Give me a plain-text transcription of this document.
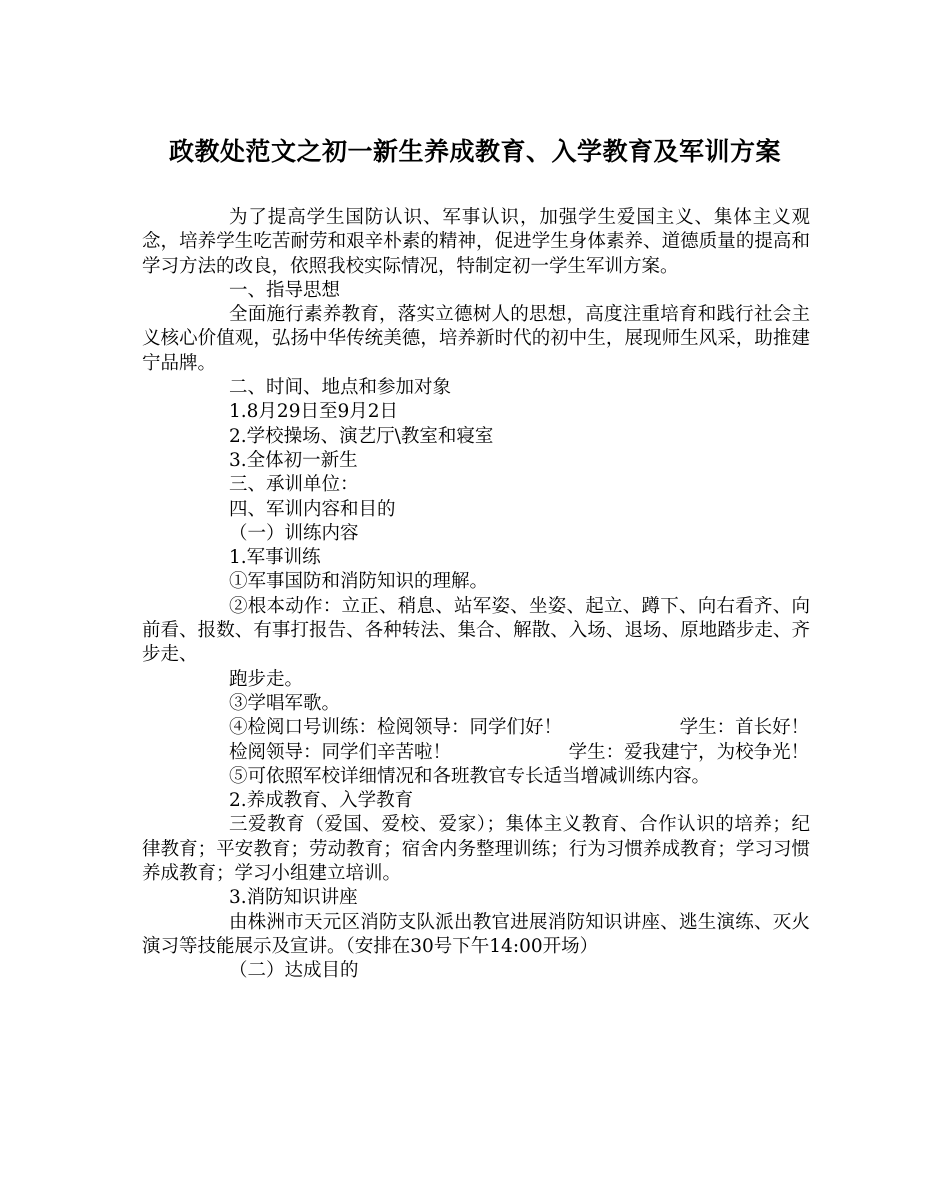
政教处范文之初一新生养成教育、入学教育及军训方案

为了提高学生国防认识、军事认识，加强学生爱国主义、集体主义观念，培养学生吃苦耐劳和艰辛朴素的精神，促进学生身体素养、道德质量的提高和学习方法的改良，依照我校实际情况，特制定初一学生军训方案。

一、指导思想

全面施行素养教育，落实立德树人的思想，高度注重培育和践行社会主义核心价值观，弘扬中华传统美德，培养新时代的初中生，展现师生风采，助推建宁品牌。

二、时间、地点和参加对象

1.8月29日至9月2日

2.学校操场、演艺厅\教室和寝室

3.全体初一新生

三、承训单位：

四、军训内容和目的

（一）训练内容

1.军事训练

①军事国防和消防知识的理解。

②根本动作：立正、稍息、站军姿、坐姿、起立、蹲下、向右看齐、向前看、报数、有事打报告、各种转法、集合、解散、入场、退场、原地踏步走、齐步走、

跑步走。

③学唱军歌。

④检阅口号训练：检阅领导：同学们好！                    学生：首长好！

检阅领导：同学们辛苦啦！                    学生：爱我建宁，为校争光！

⑤可依照军校详细情况和各班教官专长适当增减训练内容。

2.养成教育、入学教育

三爱教育（爱国、爱校、爱家）；集体主义教育、合作认识的培养；纪律教育；平安教育；劳动教育；宿舍内务整理训练；行为习惯养成教育；学习习惯养成教育；学习小组建立培训。

3.消防知识讲座

由株洲市天元区消防支队派出教官进展消防知识讲座、逃生演练、灭火演习等技能展示及宣讲。（安排在30号下午14:00开场）

（二）达成目的
